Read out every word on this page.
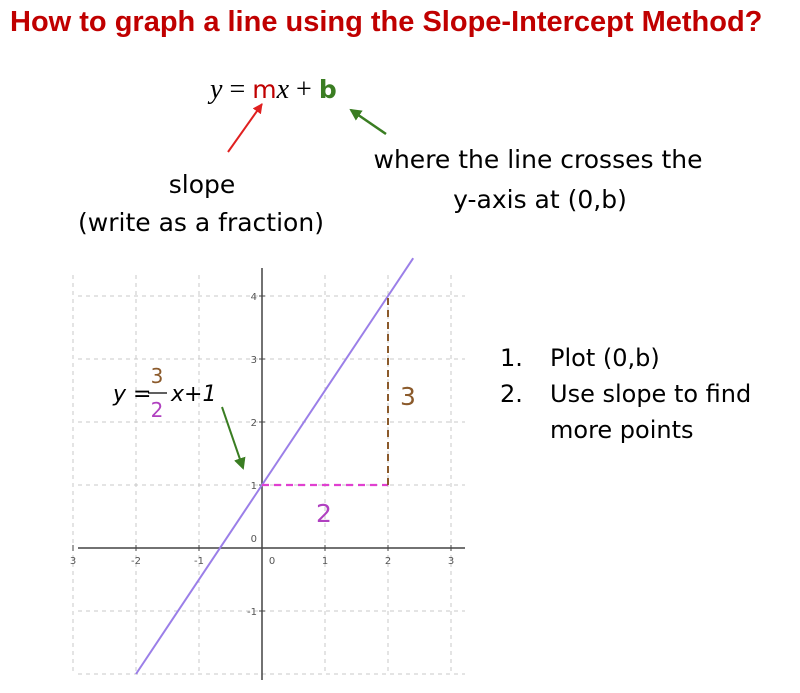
How to graph a line using the Slope-Intercept Method?
y = mx + b
slope
(write as a fraction)
where the line crosses the
y-axis at (0,b)
3	-2	-1	0	1	2	3
-1
0
1
2
3
4
3
2
y =
3
2
x+1
1.	Plot (0,b)
2.	Use slope to find more points
